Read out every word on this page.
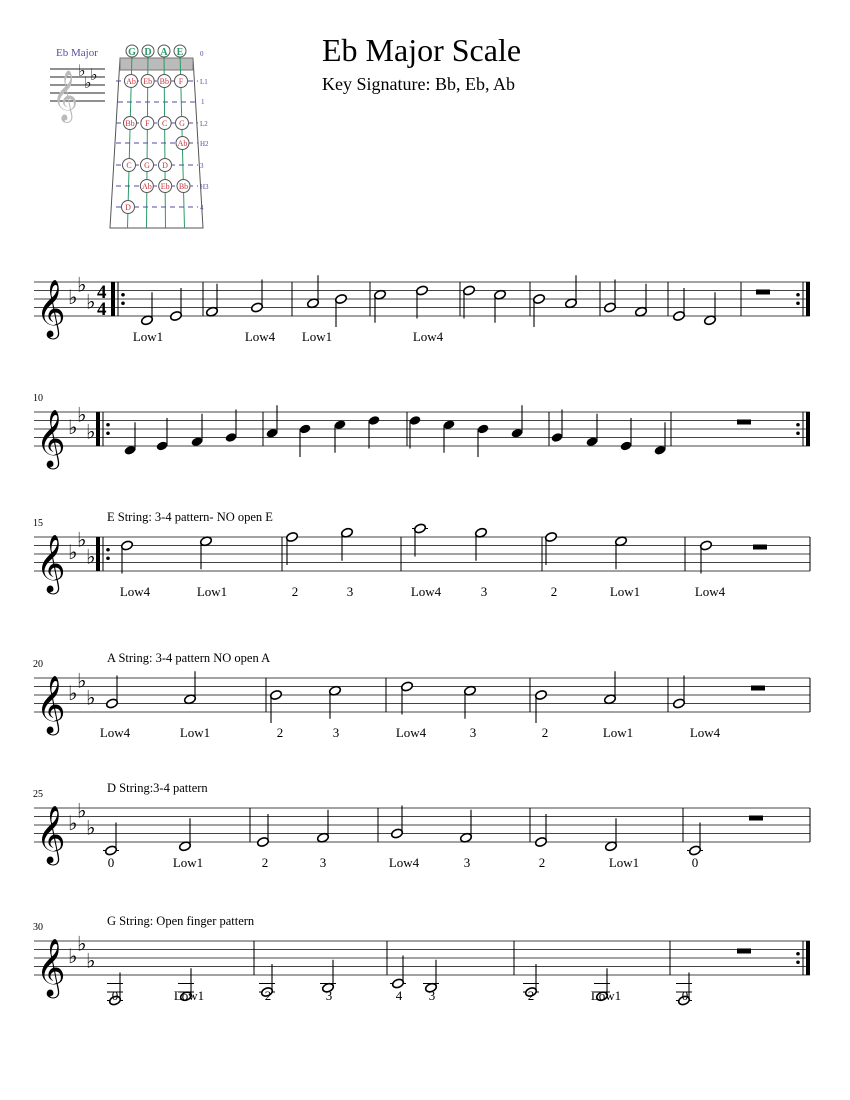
Eb Major Scale
Key Signature: Bb, Eb, Ab
Eb Major
𝄞 ♭
♭
♭
G D A E 0
1
L1
Ab Eb Bb F
L2
Bb F C G
H2
Ab
3
C G D
H3
Ab Eb Bb
4
D
𝄞 ♭
♭
♭ 4
4
Low1	Low4 Low1	Low4
𝄞 ♭
♭
♭
10
𝄞 ♭
♭
♭
15	E String: 3-4 pattern- NO open E
Low4	Low1	2	3	Low4	3	2	Low1	Low4
𝄞 ♭
♭
♭
20	A String: 3-4 pattern NO open A
Low4	Low1	2	3	Low4	3	2	Low1	Low4
𝄞 ♭
♭
♭
25	D String:3-4 pattern
0	Low1	2	3	Low4	3	2	Low1	0
𝄞 ♭
♭
♭
30	G String: Open finger pattern
0	Low1	2	3	4 3	2	Low1	0
